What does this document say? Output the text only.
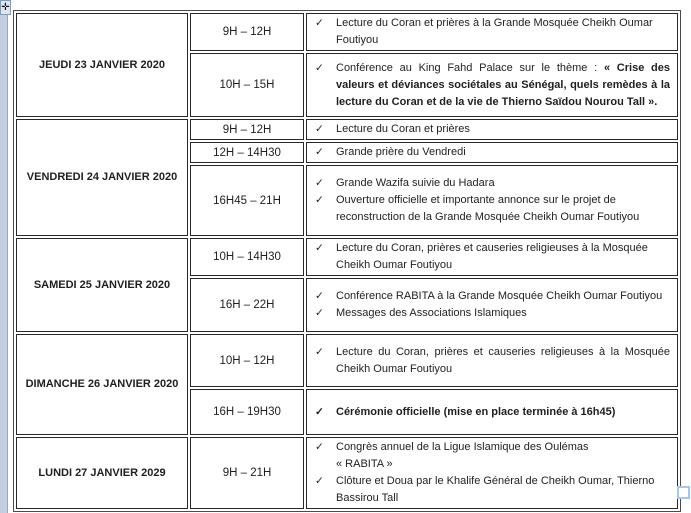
✛
JEUDI 23 JANVIER 2020	9H – 12H	✓ Lecture du Coran et prières à la Grande Mosquée Cheikh Oumar Foutiyou

	10H – 15H	✓ Conférence au King Fahd Palace sur le thème : « Crise des valeurs et déviances sociétales au Sénégal, quels remèdes à la lecture du Coran et de la vie de Thierno Saïdou Nourou Tall ».

VENDREDI 24 JANVIER 2020	9H – 12H	✓ Lecture du Coran et prières

	12H – 14H30	✓ Grande prière du Vendredi

	16H45 – 21H	✓ Grande Wazifa suivie du Hadara
✓ Ouverture officielle et importante annonce sur le projet de reconstruction de la Grande Mosquée Cheikh Oumar Foutiyou

SAMEDI 25 JANVIER 2020	10H – 14H30	✓ Lecture du Coran, prières et causeries religieuses à la Mosquée Cheikh Oumar Foutiyou

	16H – 22H	✓ Conférence RABITA à la Grande Mosquée Cheikh Oumar Foutiyou
✓ Messages des Associations Islamiques

DIMANCHE 26 JANVIER 2020	10H – 12H	✓ Lecture du Coran, prières et causeries religieuses à la Mosquée Cheikh Oumar Foutiyou

	16H – 19H30	✓ Cérémonie officielle (mise en place terminée à 16h45)

LUNDI 27 JANVIER 2029	9H – 21H	✓ Congrès annuel de la Ligue Islamique des Oulémas
« RABITA »
✓ Clôture et Doua par le Khalife Général de Cheikh Oumar, Thierno Bassirou Tall
